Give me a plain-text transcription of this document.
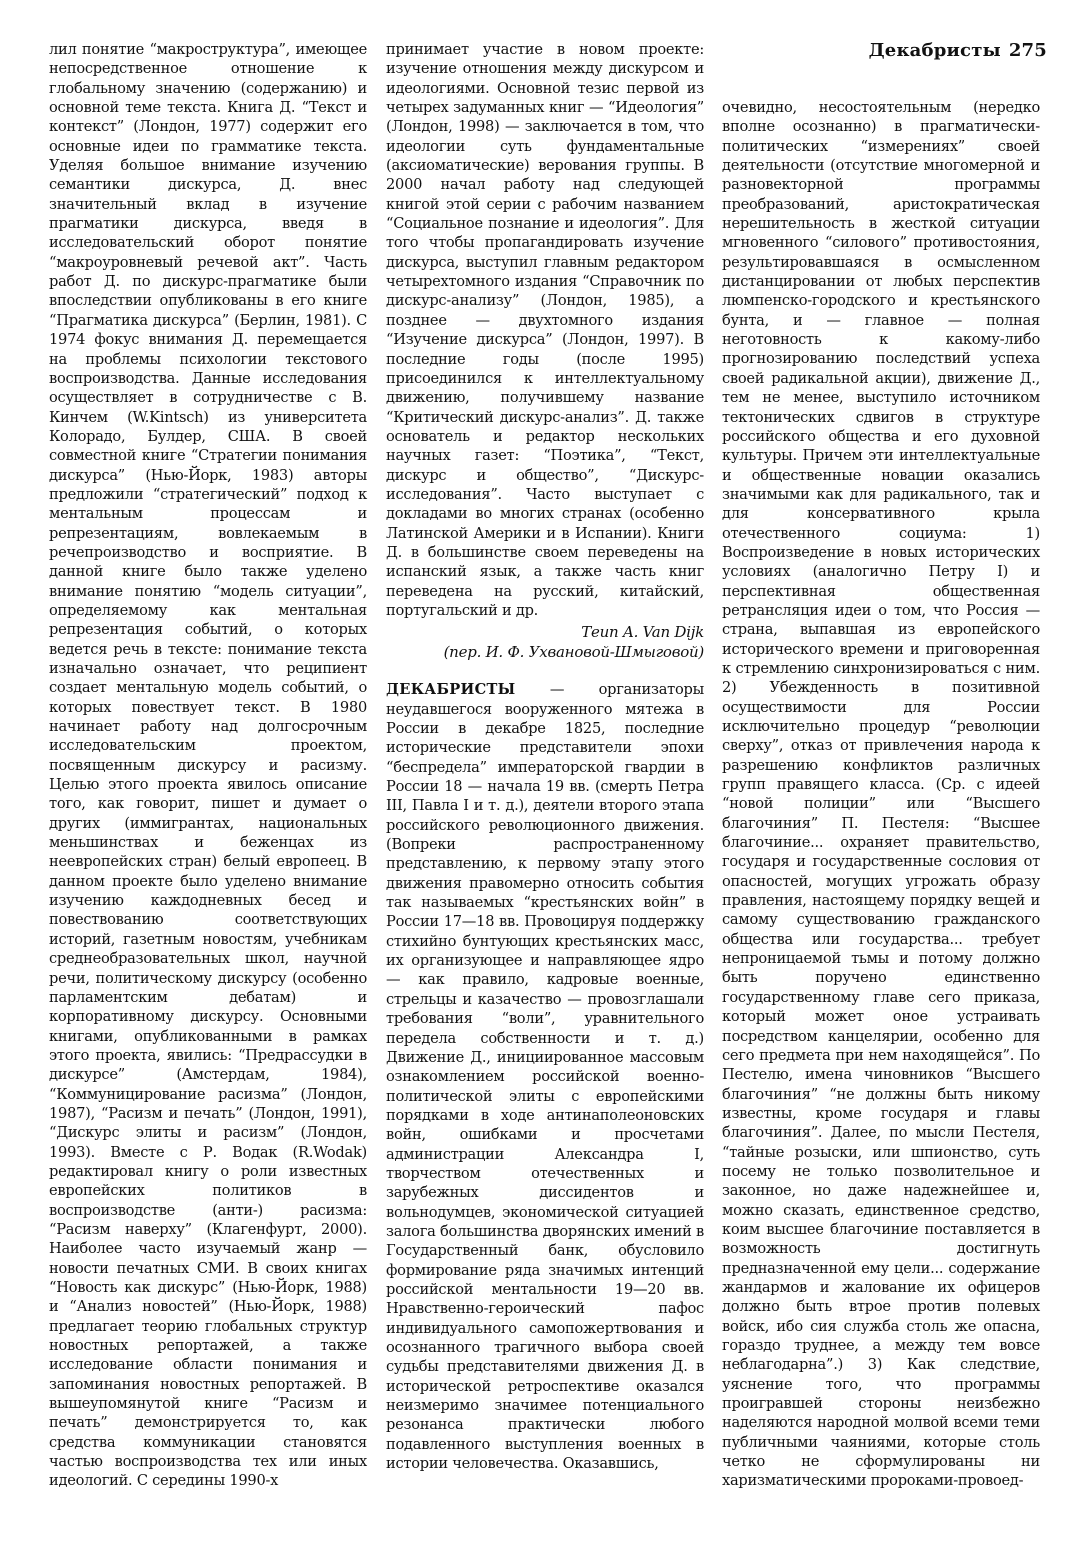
Декабристы 275

лил понятие “макроструктура”, имеющее непосредственное отношение к глобальному значению (содержанию) и основной теме текста. Книга Д. “Текст и контекст” (Лондон, 1977) содержит его основные идеи по грамматике текста. Уделяя большое внимание изучению семантики дискурса, Д. внес значительный вклад в изучение прагматики дискурса, введя в исследовательский оборот понятие “макроуровневый речевой акт”. Часть работ Д. по дискурс-прагматике были впоследствии опубликованы в его книге “Прагматика дискурса” (Берлин, 1981). С 1974 фокус внимания Д. перемещается на проблемы психологии текстового воспроизводства. Данные исследования осуществляет в сотрудничестве с В. Кинчем (W.Kintsch) из университета Колорадо, Булдер, США. В своей совместной книге “Стратегии понимания дискурса” (Нью-Йорк, 1983) авторы предложили “стратегический” подход к ментальным процессам и репрезентациям, вовлекаемым в речепроизводство и восприятие. В данной книге было также уделено внимание понятию “модель ситуации”, определяемому как ментальная репрезентация событий, о которых ведется речь в тексте: понимание текста изначально означает, что реципиент создает ментальную модель событий, о которых повествует текст. В 1980 начинает работу над долгосрочным исследовательским проектом, посвященным дискурсу и расизму. Целью этого проекта явилось описание того, как говорит, пишет и думает о других (иммигрантах, национальных меньшинствах и беженцах из неевропейских стран) белый европеец. В данном проекте было уделено внимание изучению каждодневных бесед и повествованию соответствующих историй, газетным новостям, учебникам среднеобразовательных школ, научной речи, политическому дискурсу (особенно парламентским дебатам) и корпоративному дискурсу. Основными книгами, опубликованными в рамках этого проекта, явились: “Предрассудки в дискурсе” (Амстердам, 1984), “Коммуницирование расизма” (Лондон, 1987), “Расизм и печать” (Лондон, 1991), “Дискурс элиты и расизм” (Лондон, 1993). Вместе с Р. Водак (R.Wodak) редактировал книгу о роли известных европейских политиков в воспроизводстве (анти-) расизма: “Расизм наверху” (Клагенфурт, 2000). Наиболее часто изучаемый жанр — новости печатных СМИ. В своих книгах “Новость как дискурс” (Нью-Йорк, 1988) и “Анализ новостей” (Нью-Йорк, 1988) предлагает теорию глобальных структур новостных репортажей, а также исследование области понимания и запоминания новостных репортажей. В вышеупомянутой книге “Расизм и печать” демонстрируется то, как средства коммуникации становятся частью воспроизводства тех или иных идеологий. С середины 1990-х

принимает участие в новом проекте: изучение отношения между дискурсом и идеологиями. Основной тезис первой из четырех задуманных книг — “Идеология” (Лондон, 1998) — заключается в том, что идеологии суть фундаментальные (аксиоматические) верования группы. В 2000 начал работу над следующей книгой этой серии с рабочим названием “Социальное познание и идеология”. Для того чтобы пропагандировать изучение дискурса, выступил главным редактором четырехтомного издания “Справочник по дискурс-анализу” (Лондон, 1985), а позднее — двухтомного издания “Изучение дискурса” (Лондон, 1997). В последние годы (после 1995) присоединился к интеллектуальному движению, получившему название “Критический дискурс-анализ”. Д. также основатель и редактор нескольких научных газет: “Поэтика”, “Текст, дискурс и общество”, “Дискурс-исследования”. Часто выступает с докладами во многих странах (особенно Латинской Америки и в Испании). Книги Д. в большинстве своем переведены на испанский язык, а также часть книг переведена на русский, китайский, португальский и др.

Теun A. Van Dijk
(пер. И. Ф. Ухвановой-Шмыговой)

ДЕКАБРИСТЫ — организаторы неудавшегося вооруженного мятежа в России в декабре 1825, последние исторические представители эпохи “беспредела” императорской гвардии в России 18 — начала 19 вв. (смерть Петра III, Павла I и т. д.), деятели второго этапа российского революционного движения. (Вопреки распространенному представлению, к первому этапу этого движения правомерно относить события так называемых “крестьянских войн” в России 17—18 вв. Провоцируя поддержку стихийно бунтующих крестьянских масс, их организующее и направляющее ядро — как правило, кадровые военные, стрельцы и казачество — провозглашали требования “воли”, уравнительного передела собственности и т. д.) Движение Д., инициированное массовым ознакомлением российской военно-политической элиты с европейскими порядками в ходе антинаполеоновских войн, ошибками и просчетами администрации Александра I, творчеством отечественных и зарубежных диссидентов и вольнодумцев, экономической ситуацией залога большинства дворянских имений в Государственный банк, обусловило формирование ряда значимых интенций российской ментальности 19—20 вв. Нравственно-героический пафос индивидуального самопожертвования и осознанного трагичного выбора своей судьбы представителями движения Д. в исторической ретроспективе оказался неизмеримо значимее потенциального резонанса практически любого подавленного выступления военных в истории человечества. Оказавшись,

очевидно, несостоятельным (нередко вполне осознанно) в прагматически-политических “измерениях” своей деятельности (отсутствие многомерной и разновекторной программы преобразований, аристократическая нерешительность в жесткой ситуации мгновенного “силового” противостояния, результировавшаяся в осмысленном дистанцировании от любых перспектив люмпенско-городского и крестьянского бунта, и — главное — полная неготовность к какому-либо прогнозированию последствий успеха своей радикальной акции), движение Д., тем не менее, выступило источником тектонических сдвигов в структуре российского общества и его духовной культуры. Причем эти интеллектуальные и общественные новации оказались значимыми как для радикального, так и для консервативного крыла отечественного социума: 1) Воспроизведение в новых исторических условиях (аналогично Петру I) и перспективная общественная ретрансляция идеи о том, что Россия — страна, выпавшая из европейского исторического времени и приговоренная к стремлению синхронизироваться с ним. 2) Убежденность в позитивной осуществимости для России исключительно процедур “революции сверху”, отказ от привлечения народа к разрешению конфликтов различных групп правящего класса. (Ср. с идеей “новой полиции” или “Высшего благочиния” П. Пестеля: “Высшее благочиние... охраняет правительство, государя и государственные сословия от опасностей, могущих угрожать образу правления, настоящему порядку вещей и самому существованию гражданского общества или государства... требует непроницаемой тьмы и потому должно быть поручено единственно государственному главе сего приказа, который может оное устраивать посредством канцелярии, особенно для сего предмета при нем находящейся”. По Пестелю, имена чиновников “Высшего благочиния” “не должны быть никому известны, кроме государя и главы благочиния”. Далее, по мысли Пестеля, “тайные розыски, или шпионство, суть посему не только позволительное и законное, но даже надежнейшее и, можно сказать, единственное средство, коим высшее благочиние поставляется в возможность достигнуть предназначенной ему цели... содержание жандармов и жалование их офицеров должно быть втрое против полевых войск, ибо сия служба столь же опасна, гораздо труднее, а между тем вовсе неблагодарна”.) 3) Как следствие, уяснение того, что программы проигравшей стороны неизбежно наделяются народной молвой всеми теми публичными чаяниями, которые столь четко не сформулированы ни харизматическими пророками-провоед-
